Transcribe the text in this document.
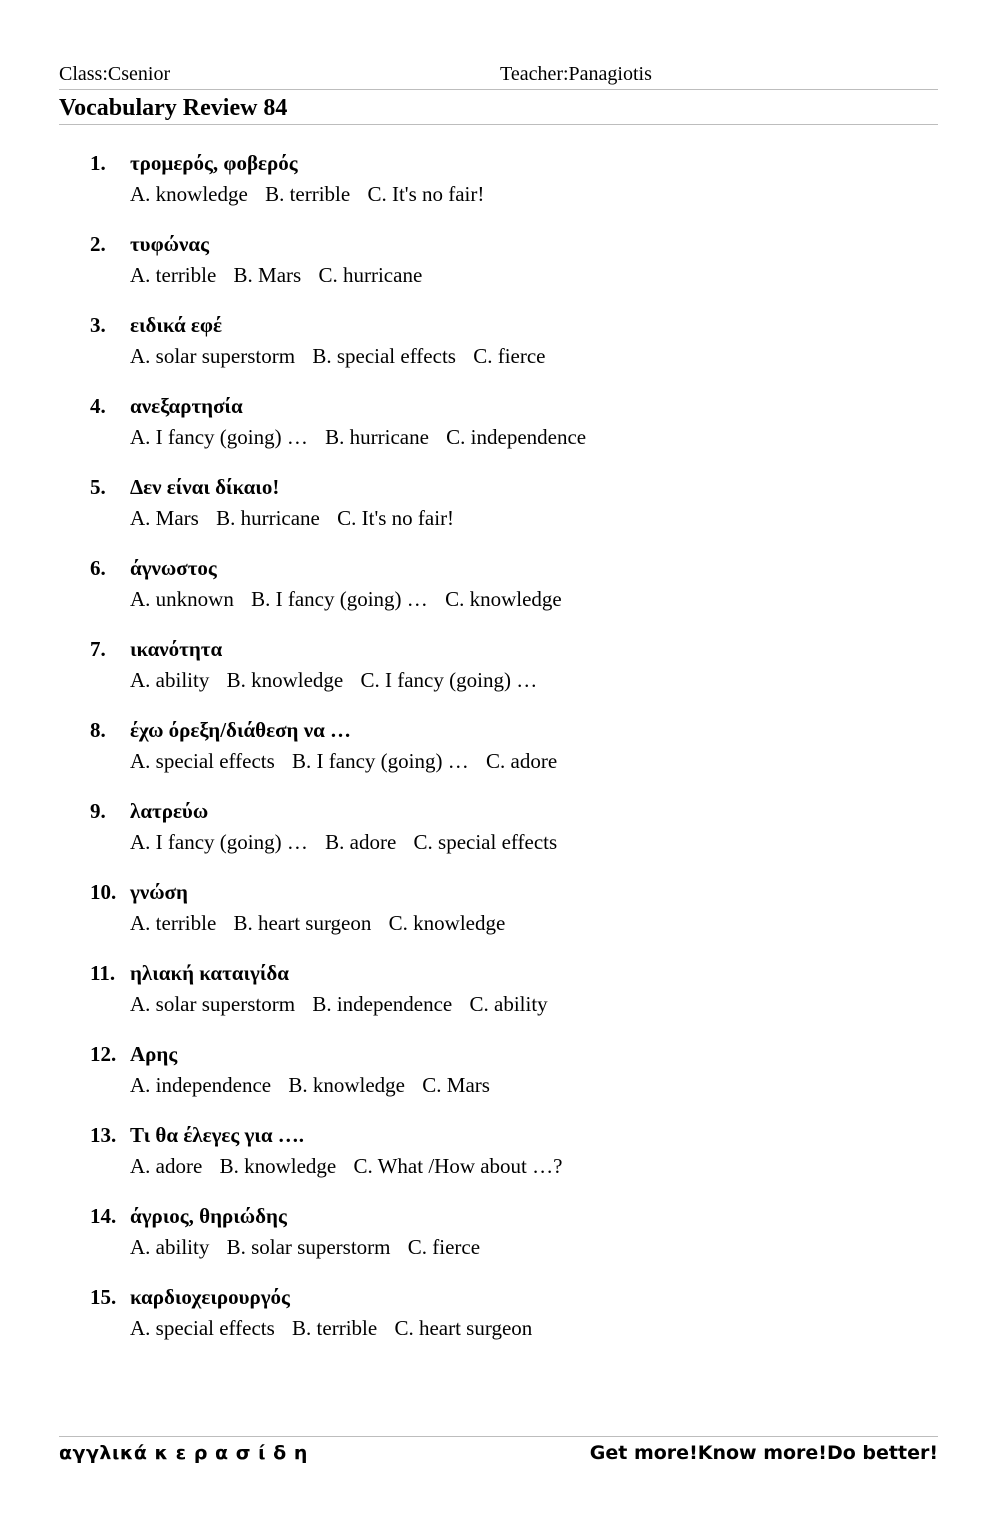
Class:Csenior	Teacher:Panagiotis
Vocabulary Review 84
1. τρομερός, φοβερός
A. knowledge B. terrible C. It's no fair!
2. τυφώνας
A. terrible B. Mars C. hurricane
3. ειδικά εφέ
A. solar superstorm B. special effects C. fierce
4. ανεξαρτησία
A. I fancy (going) … B. hurricane C. independence
5. Δεν είναι δίκαιο!
A. Mars B. hurricane C. It's no fair!
6. άγνωστος
A. unknown B. I fancy (going) … C. knowledge
7. ικανότητα
A. ability B. knowledge C. I fancy (going) …
8. έχω όρεξη/διάθεση να …
A. special effects B. I fancy (going) … C. adore
9. λατρεύω
A. I fancy (going) … B. adore C. special effects
10. γνώση
A. terrible B. heart surgeon C. knowledge
11. ηλιακή καταιγίδα
A. solar superstorm B. independence C. ability
12. Αρης
A. independence B. knowledge C. Mars
13. Τι θα έλεγες για ….
A. adore B. knowledge C. What /How about …?
14. άγριος, θηριώδης
A. ability B. solar superstorm C. fierce
15. καρδιοχειρουργός
A. special effects B. terrible C. heart surgeon
αγγλικά κ ε ρ α σ ί δ η	Get more!Know more!Do better!
